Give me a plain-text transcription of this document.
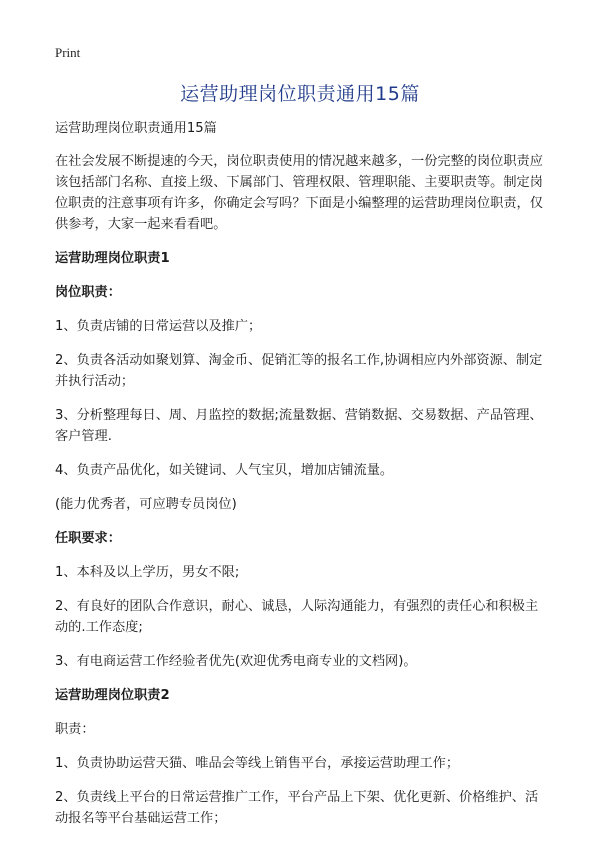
Print
运营助理岗位职责通用15篇

运营助理岗位职责通用15篇

在社会发展不断提速的今天，岗位职责使用的情况越来越多，一份完整的岗位职责应该包括部门名称、直接上级、下属部门、管理权限、管理职能、主要职责等。制定岗位职责的注意事项有许多，你确定会写吗？下面是小编整理的运营助理岗位职责，仅供参考，大家一起来看看吧。

运营助理岗位职责1

岗位职责：

1、负责店铺的日常运营以及推广；

2、负责各活动如聚划算、淘金币、促销汇等的报名工作,协调相应内外部资源、制定并执行活动；

3、分析整理每日、周、月监控的数据;流量数据、营销数据、交易数据、产品管理、客户管理.

4、负责产品优化，如关键词、人气宝贝，增加店铺流量。

(能力优秀者，可应聘专员岗位)

任职要求：

1、本科及以上学历，男女不限;

2、有良好的团队合作意识，耐心、诚恳，人际沟通能力，有强烈的责任心和积极主动的.工作态度;

3、有电商运营工作经验者优先(欢迎优秀电商专业的文档网)。

运营助理岗位职责2

职责：

1、负责协助运营天猫、唯品会等线上销售平台，承接运营助理工作；

2、负责线上平台的日常运营推广工作，平台产品上下架、优化更新、价格维护、活动报名等平台基础运营工作；
